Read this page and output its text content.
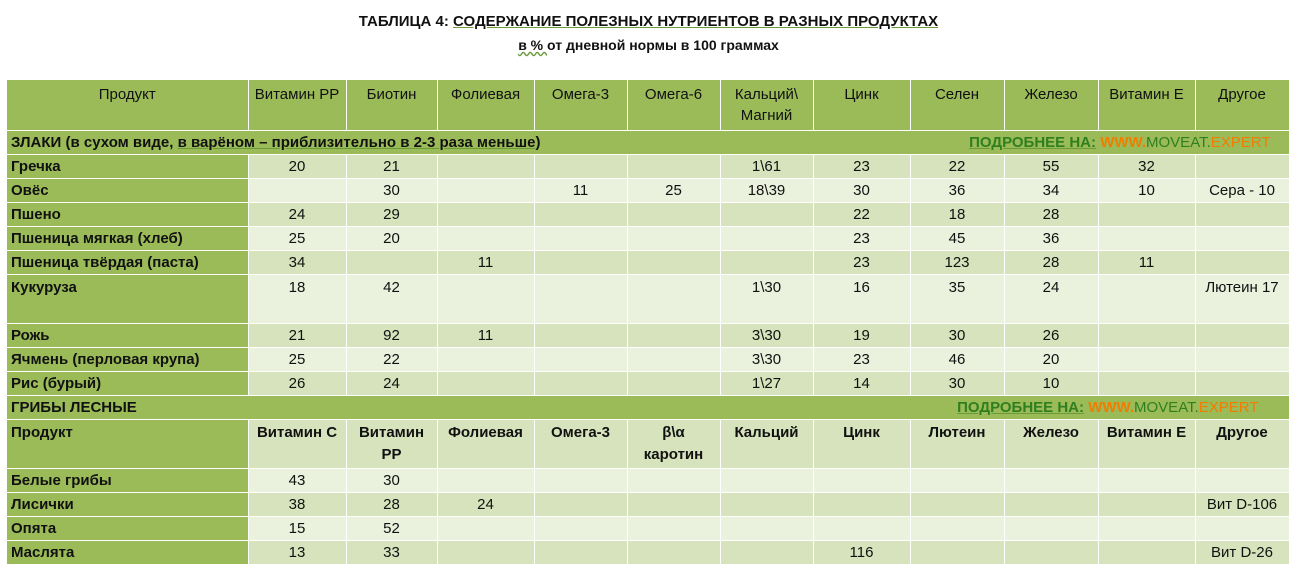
ТАБЛИЦА 4: СОДЕРЖАНИЕ ПОЛЕЗНЫХ НУТРИЕНТОВ В РАЗНЫХ ПРОДУКТАХ
в % от дневной нормы в 100 граммах
Продукт	Витамин РР	Биотин	Фолиевая	Омега-3	Омега-6	Кальций\ Магний	Цинк	Селен	Железо	Витамин Е	Другое
ЗЛАКИ (в сухом виде, в варёном – приблизительно в 2-3 раза меньше) ПОДРОБНЕЕ НА: WWW.MOVEAT.EXPERT											

Гречка	20	21				1\61	23	22	55	32	
Овёс		30		11	25	18\39	30	36	34	10	Сера - 10
Пшено	24	29					22	18	28		
Пшеница мягкая (хлеб)	25	20					23	45	36		
Пшеница твёрдая (паста)	34		11				23	123	28	11	
Кукуруза	18	42				1\30	16	35	24		Лютеин 17
Рожь	21	92	11			3\30	19	30	26		
Ячмень (перловая крупа)	25	22				3\30	23	46	20		
Рис (бурый)	26	24				1\27	14	30	10		
ГРИБЫ ЛЕСНЫЕ ПОДРОБНЕЕ НА: WWW.MOVEAT.EXPERT											

Продукт	Витамин С	Витамин РР	Фолиевая	Омега-3	β\α каротин	Кальций	Цинк	Лютеин	Железо	Витамин Е	Другое
Белые грибы	43	30									
Лисички	38	28	24								Вит D-106
Опята	15	52									
Маслята	13	33					116				Вит D-26
